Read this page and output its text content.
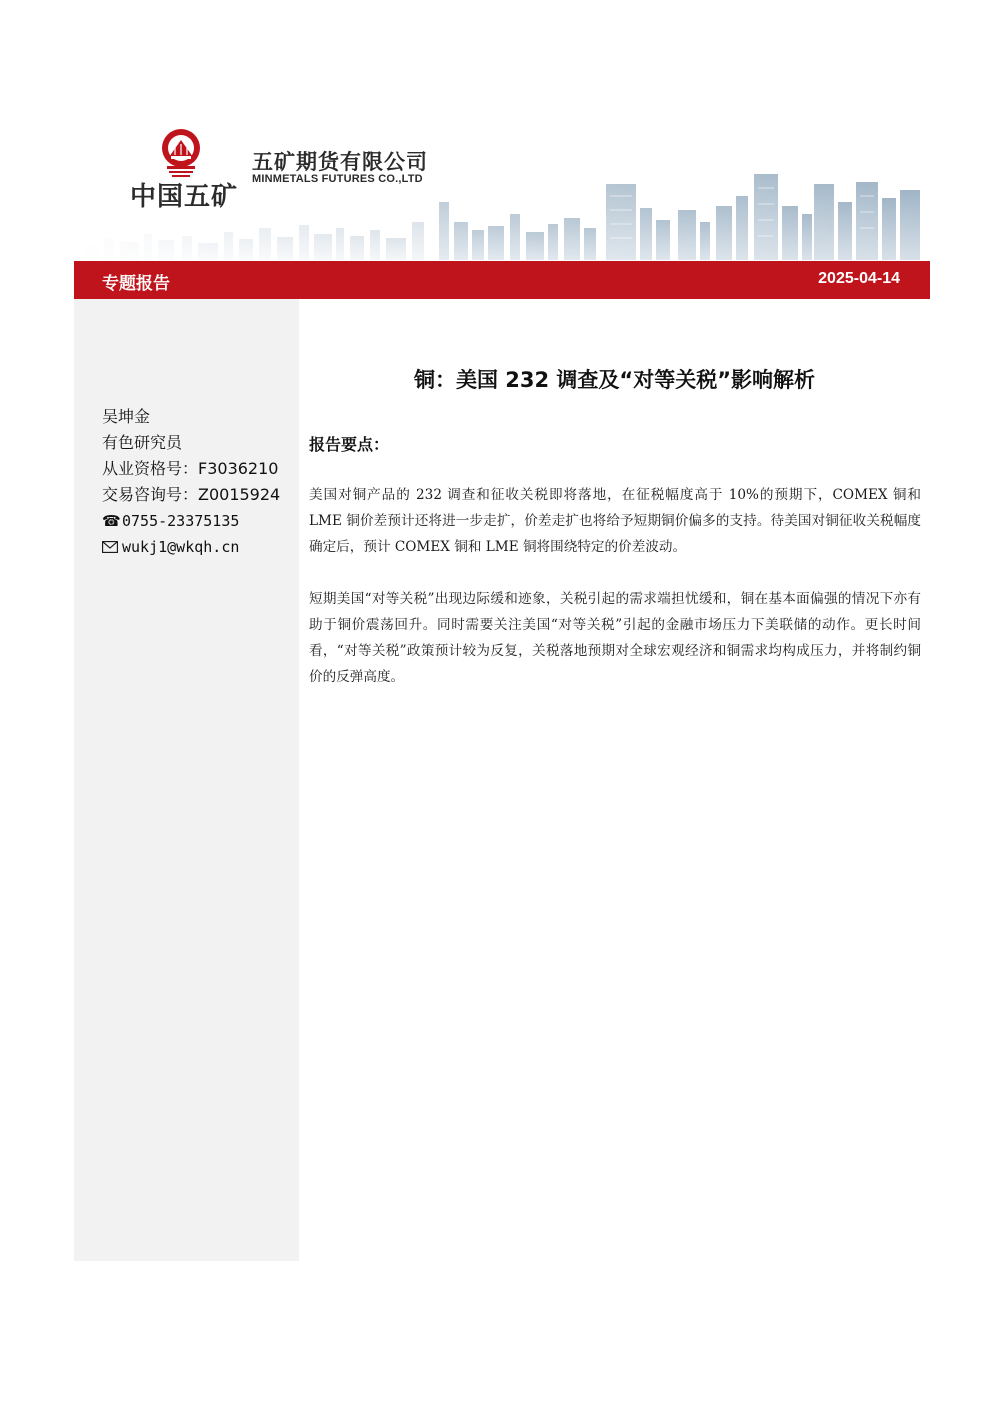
中国五矿
五矿期货有限公司
MINMETALS FUTURES CO.,LTD
专题报告	2025-04-14
吴坤金
有色研究员
从业资格号：F3036210
交易咨询号：Z0015924
☎0755-23375135
wukj1@wkqh.cn
铜：美国 232 调查及“对等关税”影响解析
报告要点：
美国对铜产品的 232 调查和征收关税即将落地，在征税幅度高于 10%的预期下，COMEX 铜和 LME 铜价差预计还将进一步走扩，价差走扩也将给予短期铜价偏多的支持。待美国对铜征收关税幅度确定后，预计 COMEX 铜和 LME 铜将围绕特定的价差波动。
短期美国“对等关税”出现边际缓和迹象，关税引起的需求端担忧缓和，铜在基本面偏强的情况下亦有助于铜价震荡回升。同时需要关注美国“对等关税”引起的金融市场压力下美联储的动作。更长时间看，“对等关税”政策预计较为反复，关税落地预期对全球宏观经济和铜需求均构成压力，并将制约铜价的反弹高度。
